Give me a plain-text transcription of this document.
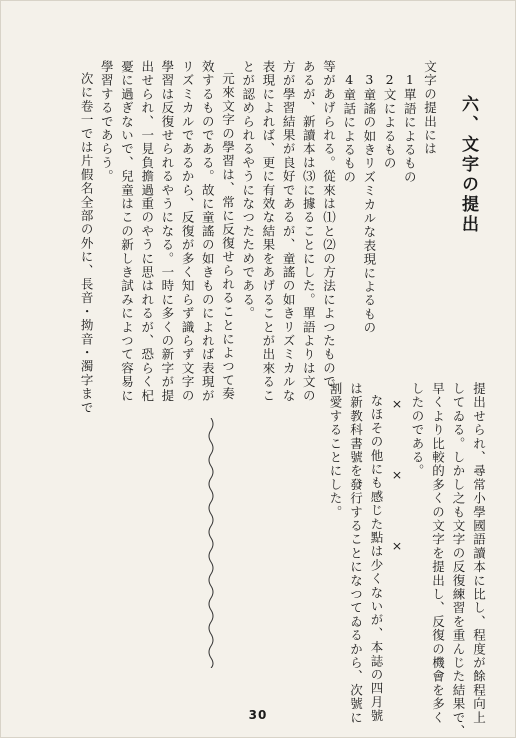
六、文字の提出
文字の提出には
1單語によるもの
2文によるもの
3童謠の如きリズミカルな表現によるもの
4童話によるもの
等があげられる。從來は⑴と⑵の方法によつたもので
あるが、新讀本は⑶に據ることにした。單語よりは文の
方が學習結果が良好であるが、童謠の如きリズミカルな
表現によれば、更に有效な結果をあげることが出來るこ
とが認められるやうになつたためである。
元來文字の學習は、常に反復せられることによつて奏
效するものである。故に童謠の如きものによれば表現が
リズミカルであるから、反復が多く知らず識らず文字の
學習は反復せられるやうになる。一時に多くの新字が提
出せられ、一見負擔過重のやうに思はれるが、恐らく杞
憂に過ぎないで、兒童はこの新しき試みによつて容易に
學習するであらう。
次に卷一では片假名全部の外に、長音・拗音・濁字まで
提出せられ、尋常小學國語讀本に比し、程度が餘程向上
してゐる。しかし之も文字の反復練習を重んじた結果で、
早くより比較的多くの文字を提出し、反復の機會を多く
したのである。
×　　　　×　　　　×
なほその他にも感じた點は少くないが、本誌の四月號
は新教科書號を發行することになつてゐるから、次號に
割愛することにした。
30
